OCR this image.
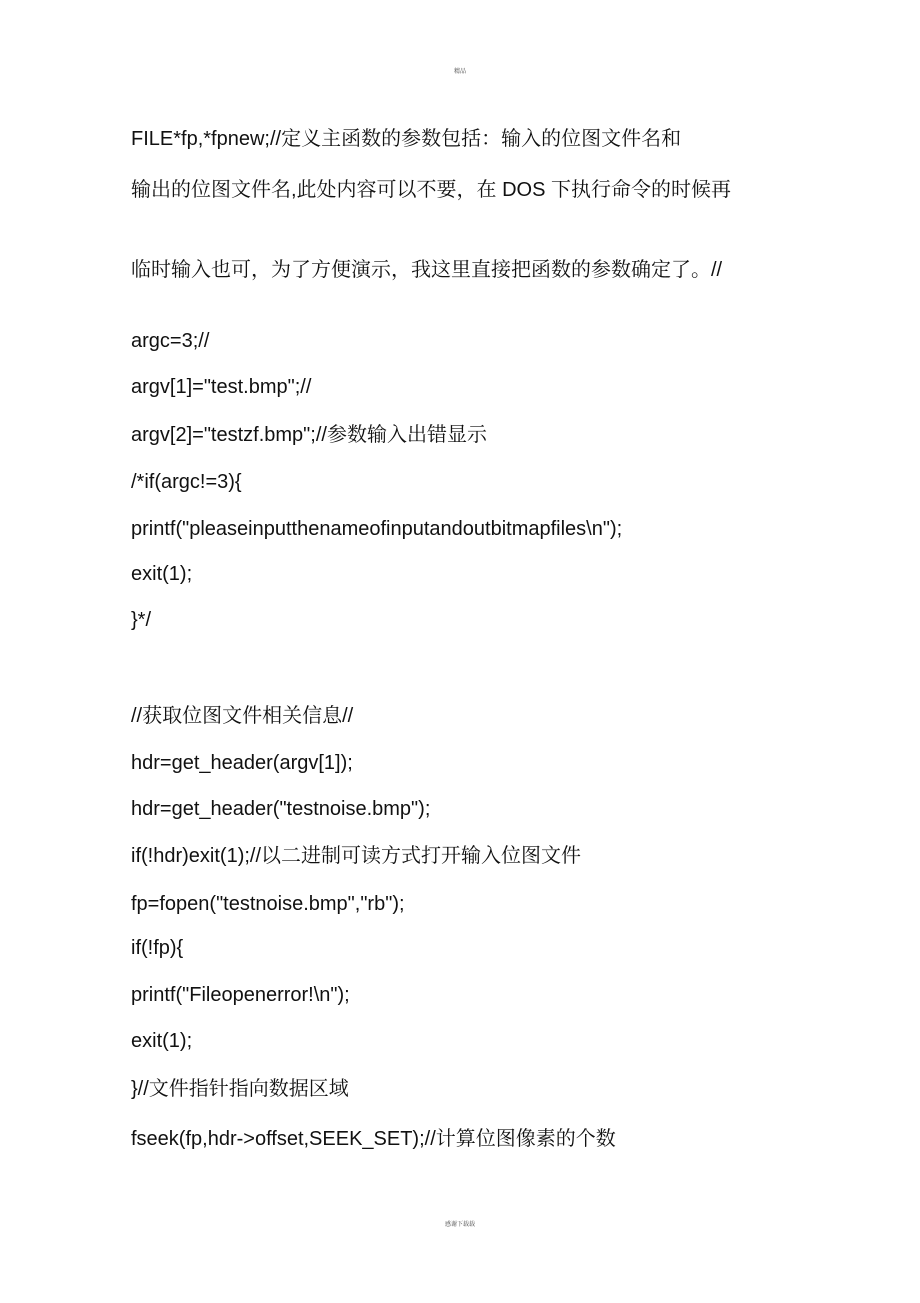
精品
FILE*fp,*fpnew;//定义主函数的参数包括：输入的位图文件名和
输出的位图文件名,此处内容可以不要，在 DOS 下执行命令的时候再
临时输入也可，为了方便演示，我这里直接把函数的参数确定了。//
argc=3;//
argv[1]="test.bmp";//
argv[2]="testzf.bmp";//参数输入出错显示
/*if(argc!=3){
printf("pleaseinputthenameofinputandoutbitmapfiles\n");
exit(1);
}*/
//获取位图文件相关信息//
hdr=get_header(argv[1]);
hdr=get_header("testnoise.bmp");
if(!hdr)exit(1);//以二进制可读方式打开输入位图文件
fp=fopen("testnoise.bmp","rb");
if(!fp){
printf("Fileopenerror!\n");
exit(1);
}//文件指针指向数据区域
fseek(fp,hdr->offset,SEEK_SET);//计算位图像素的个数
感谢下载载
